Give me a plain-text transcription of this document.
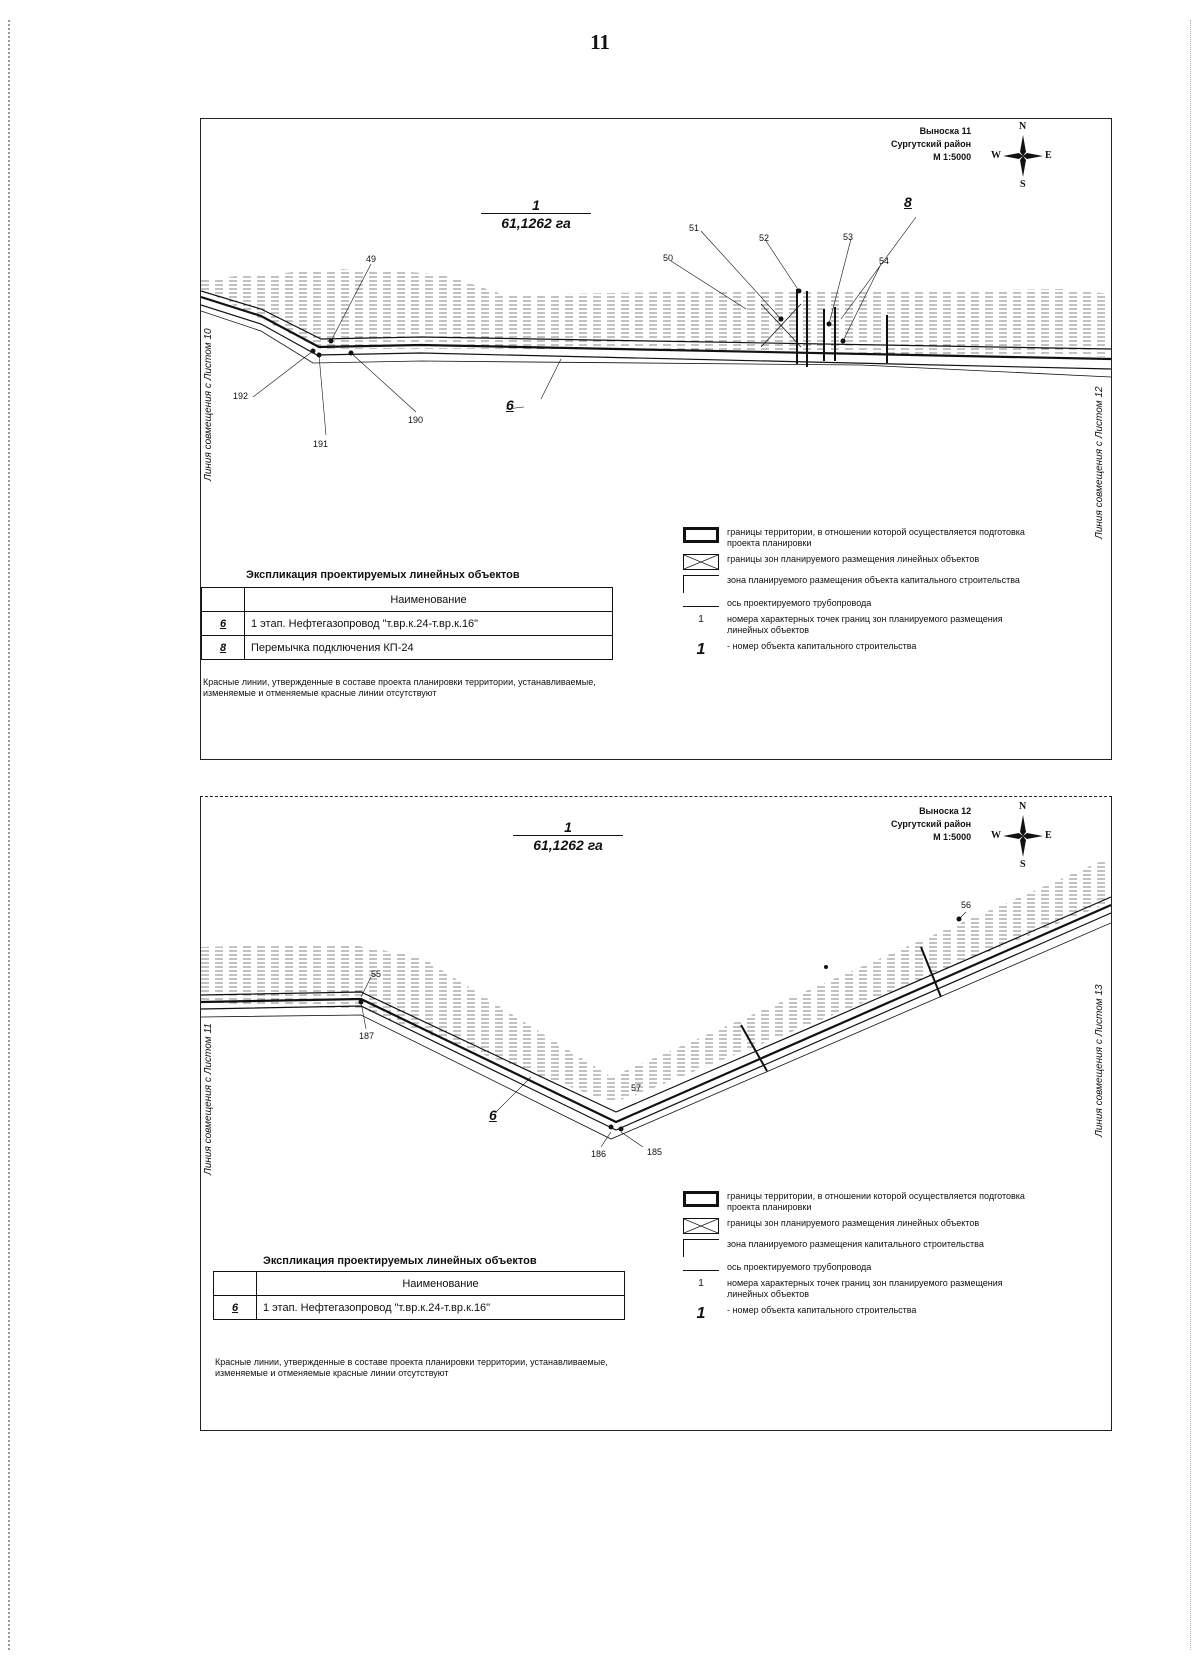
11
Выноска 11
Сургутский район
М 1:5000
N
S
E
W
1
61,1262 га
49	50
51
52	53
54
190
191
192
6
8
Линия совмещения с Листом 10	Линия совмещения с Листом 12
границы территории, в отношении которой осуществляется подготовка проекта планировки
границы зон планируемого размещения линейных объектов
зона планируемого размещения объекта капитального строительства
ось проектируемого трубопровода
1	номера характерных точек границ зон планируемого размещения линейных объектов
1	- номер объекта капитального строительства
Экспликация проектируемых линейных объектов
	Наименование
6	1 этап. Нефтегазопровод "т.вр.к.24-т.вр.к.16"
8	Перемычка подключения КП-24
Красные линии, утвержденные в составе проекта планировки территории, устанавливаемые, изменяемые и отменяемые красные линии отсутствуют
Выноска 12
Сургутский район
М 1:5000
N
S
E
W
1
61,1262 га
55
56
57
185
186
187
6
Линия совмещения с Листом 11	Линия совмещения с Листом 13
границы территории, в отношении которой осуществляется подготовка проекта планировки
границы зон планируемого размещения линейных объектов
зона планируемого размещения капитального строительства
ось проектируемого трубопровода
1	номера характерных точек границ зон планируемого размещения линейных объектов
1	- номер объекта капитального строительства
Экспликация проектируемых линейных объектов
	Наименование
6	1 этап. Нефтегазопровод "т.вр.к.24-т.вр.к.16"
Красные линии, утвержденные в составе проекта планировки территории, устанавливаемые, изменяемые и отменяемые красные линии отсутствуют
